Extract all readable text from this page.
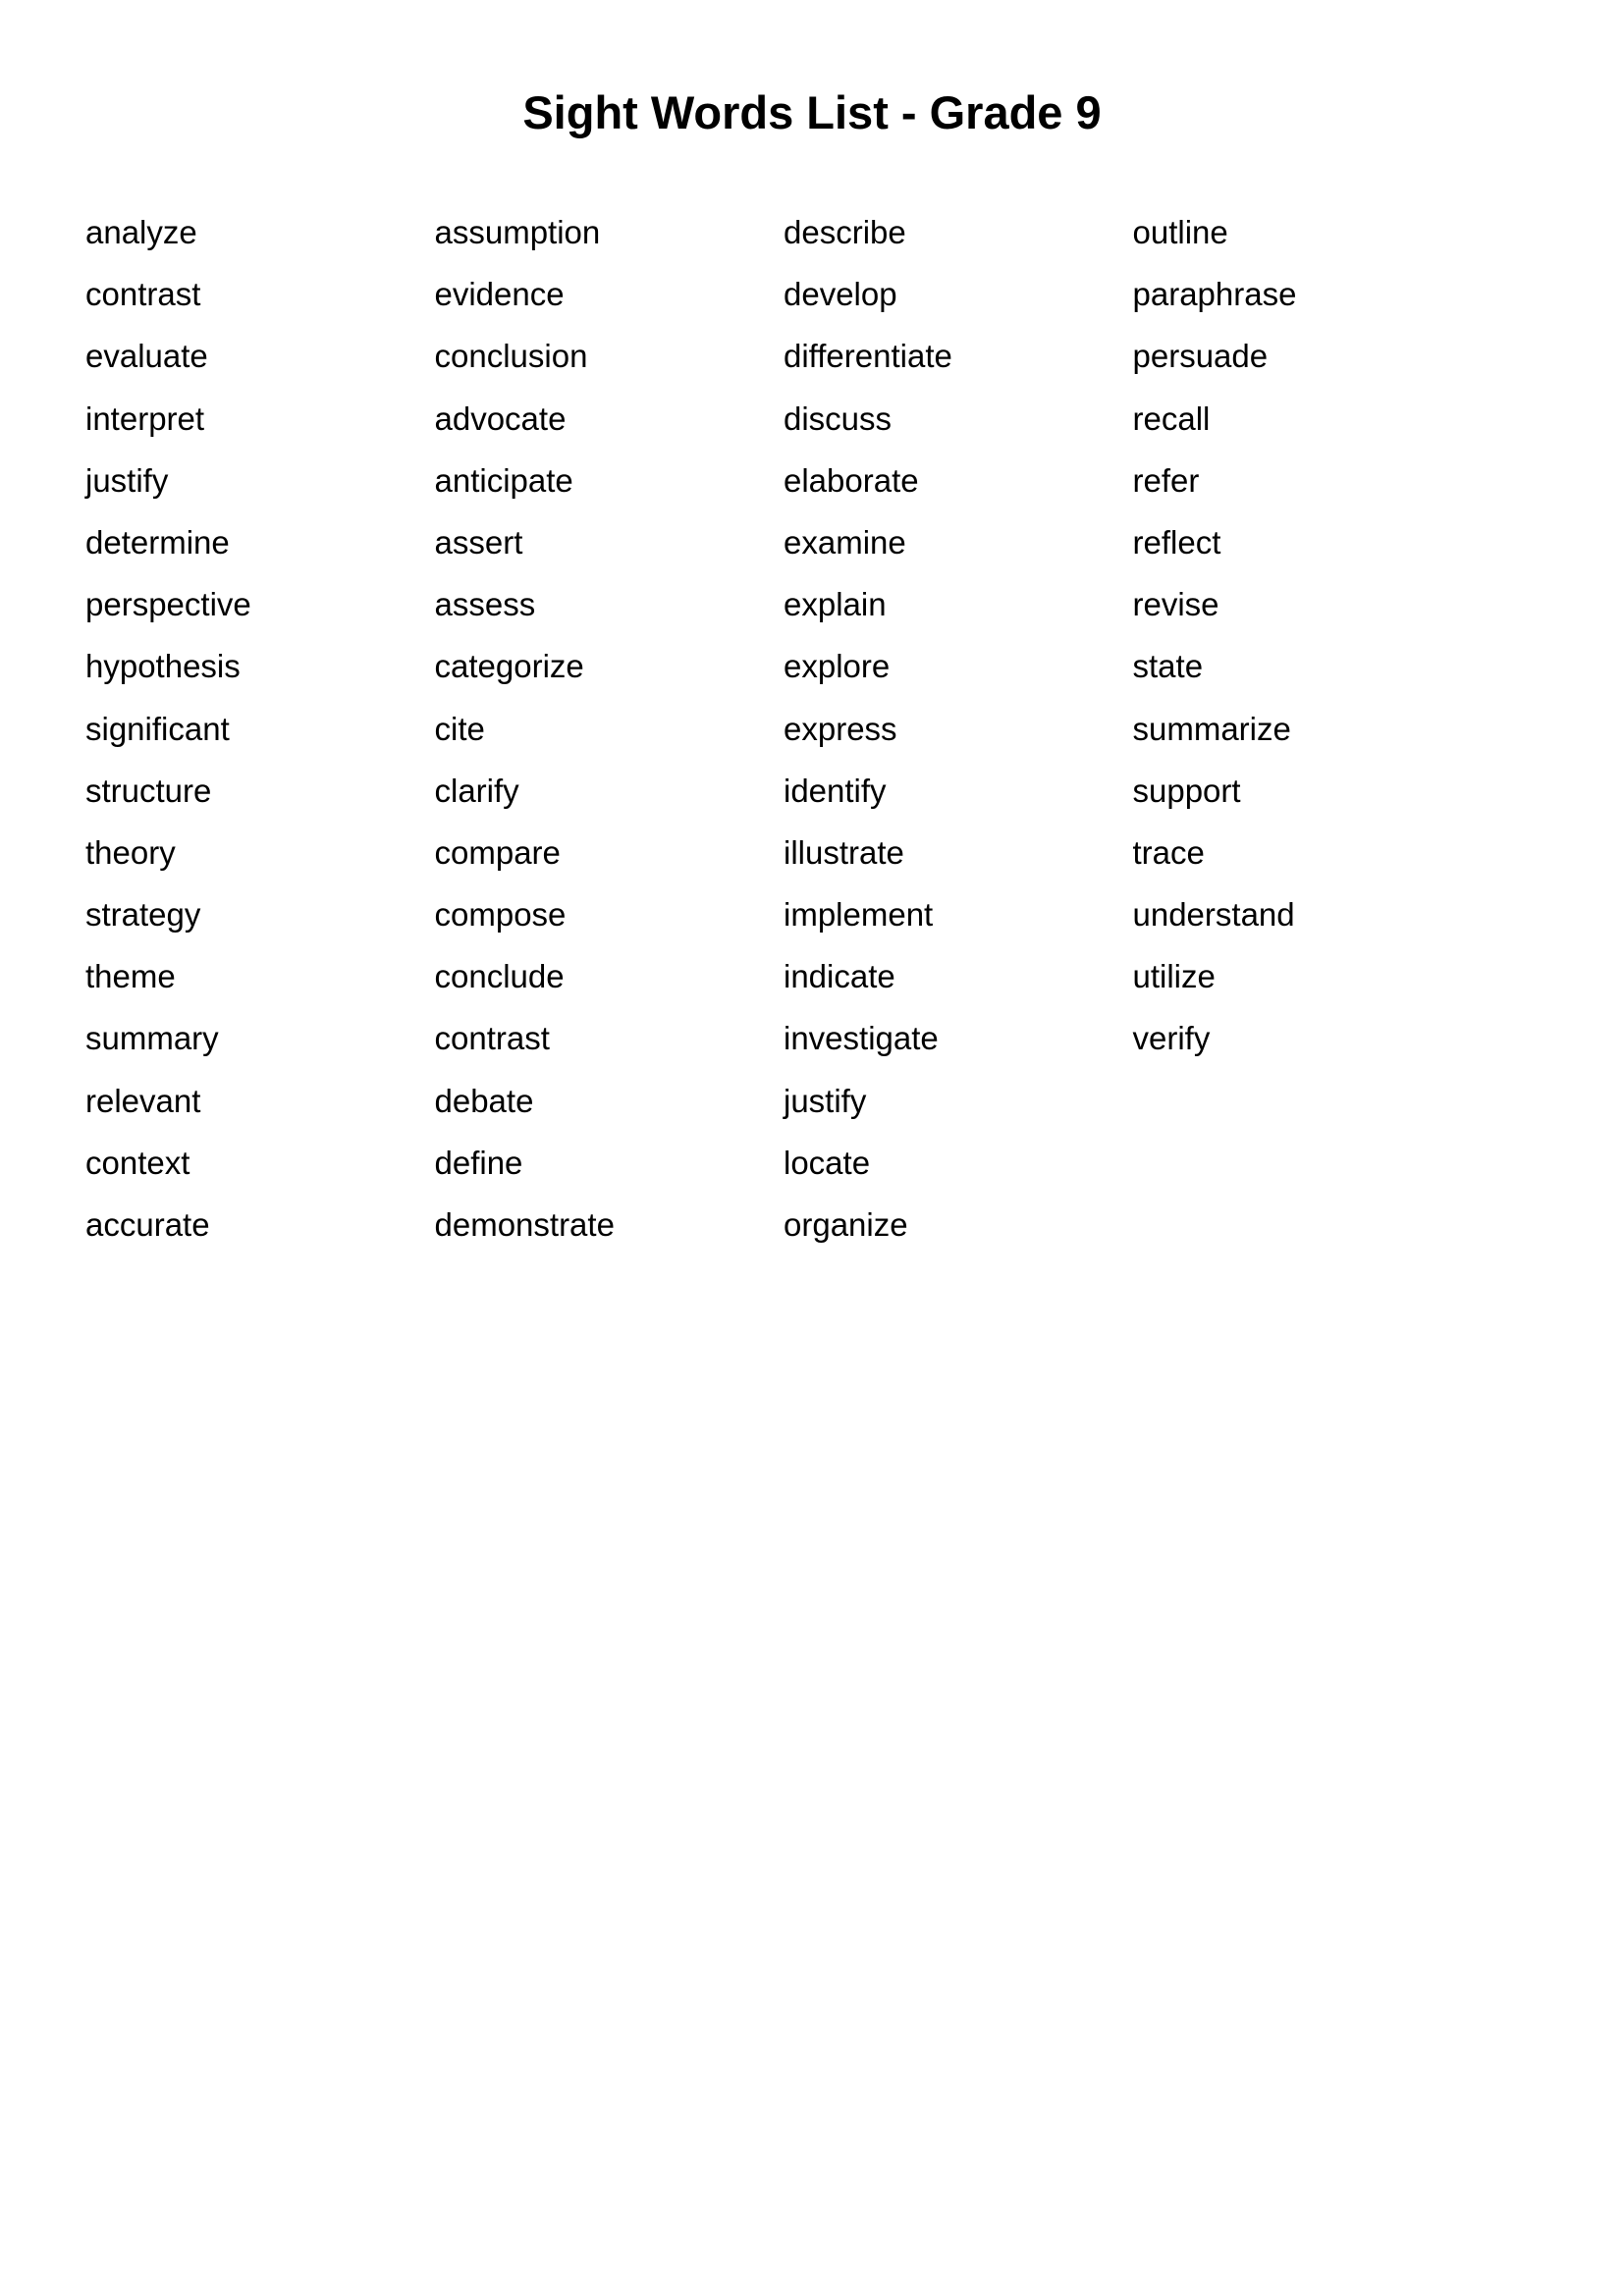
Sight Words List - Grade 9
analyze
contrast
evaluate
interpret
justify
determine
perspective
hypothesis
significant
structure
theory
strategy
theme
summary
relevant
context
accurate
assumption
evidence
conclusion
advocate
anticipate
assert
assess
categorize
cite
clarify
compare
compose
conclude
contrast
debate
define
demonstrate
describe
develop
differentiate
discuss
elaborate
examine
explain
explore
express
identify
illustrate
implement
indicate
investigate
justify
locate
organize
outline
paraphrase
persuade
recall
refer
reflect
revise
state
summarize
support
trace
understand
utilize
verify
